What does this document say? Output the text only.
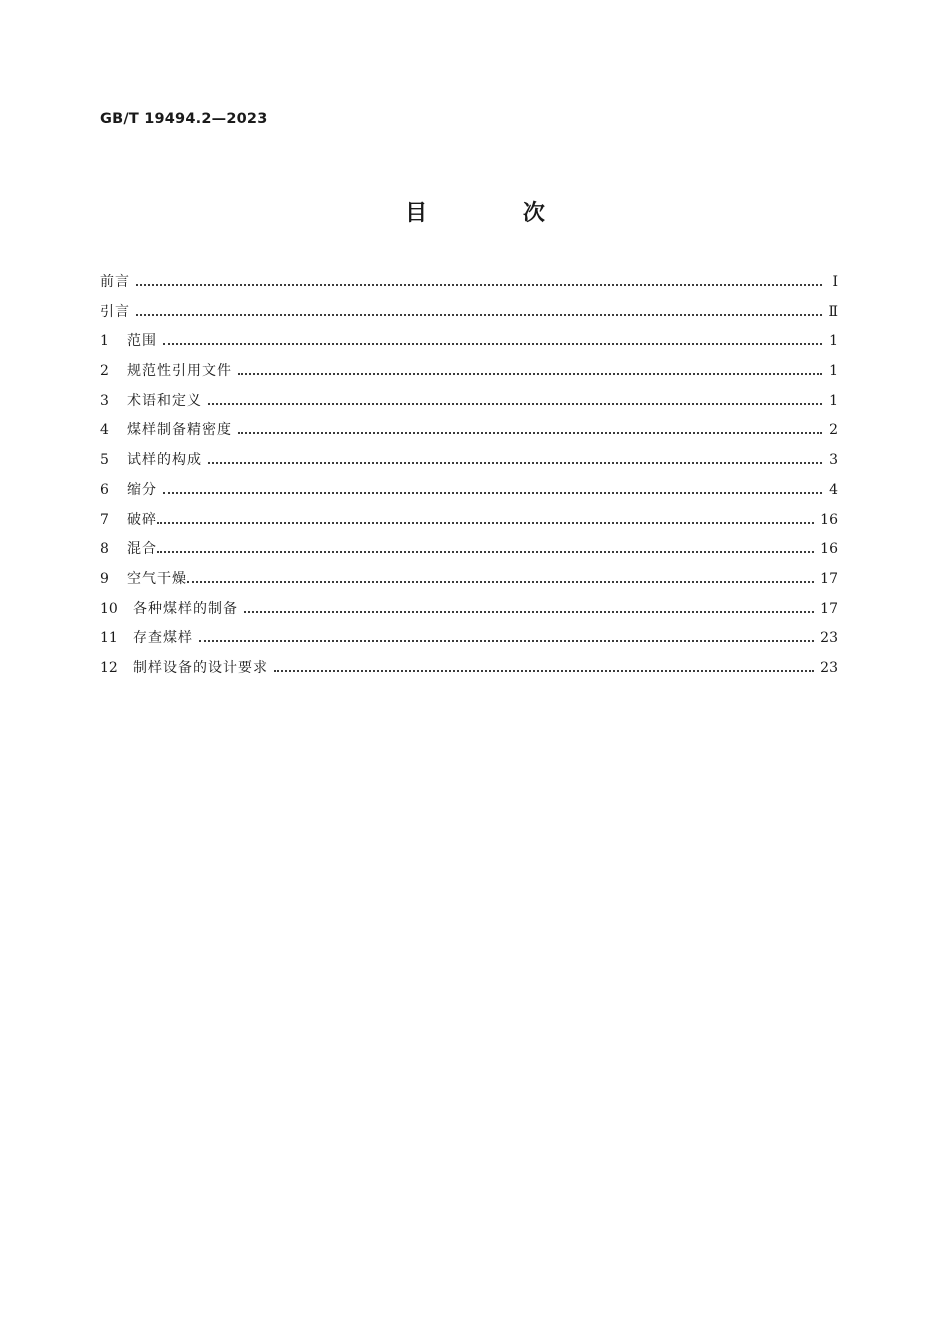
GB/T 19494.2—2023
目 次
前言	Ⅰ
引言	Ⅱ
1	范围	1
2	规范性引用文件	1
3	术语和定义	1
4	煤样制备精密度	2
5	试样的构成	3
6	缩分	4
7	破碎	16
8	混合	16
9	空气干燥	17
10	各种煤样的制备	17
11	存查煤样	23
12	制样设备的设计要求	23
